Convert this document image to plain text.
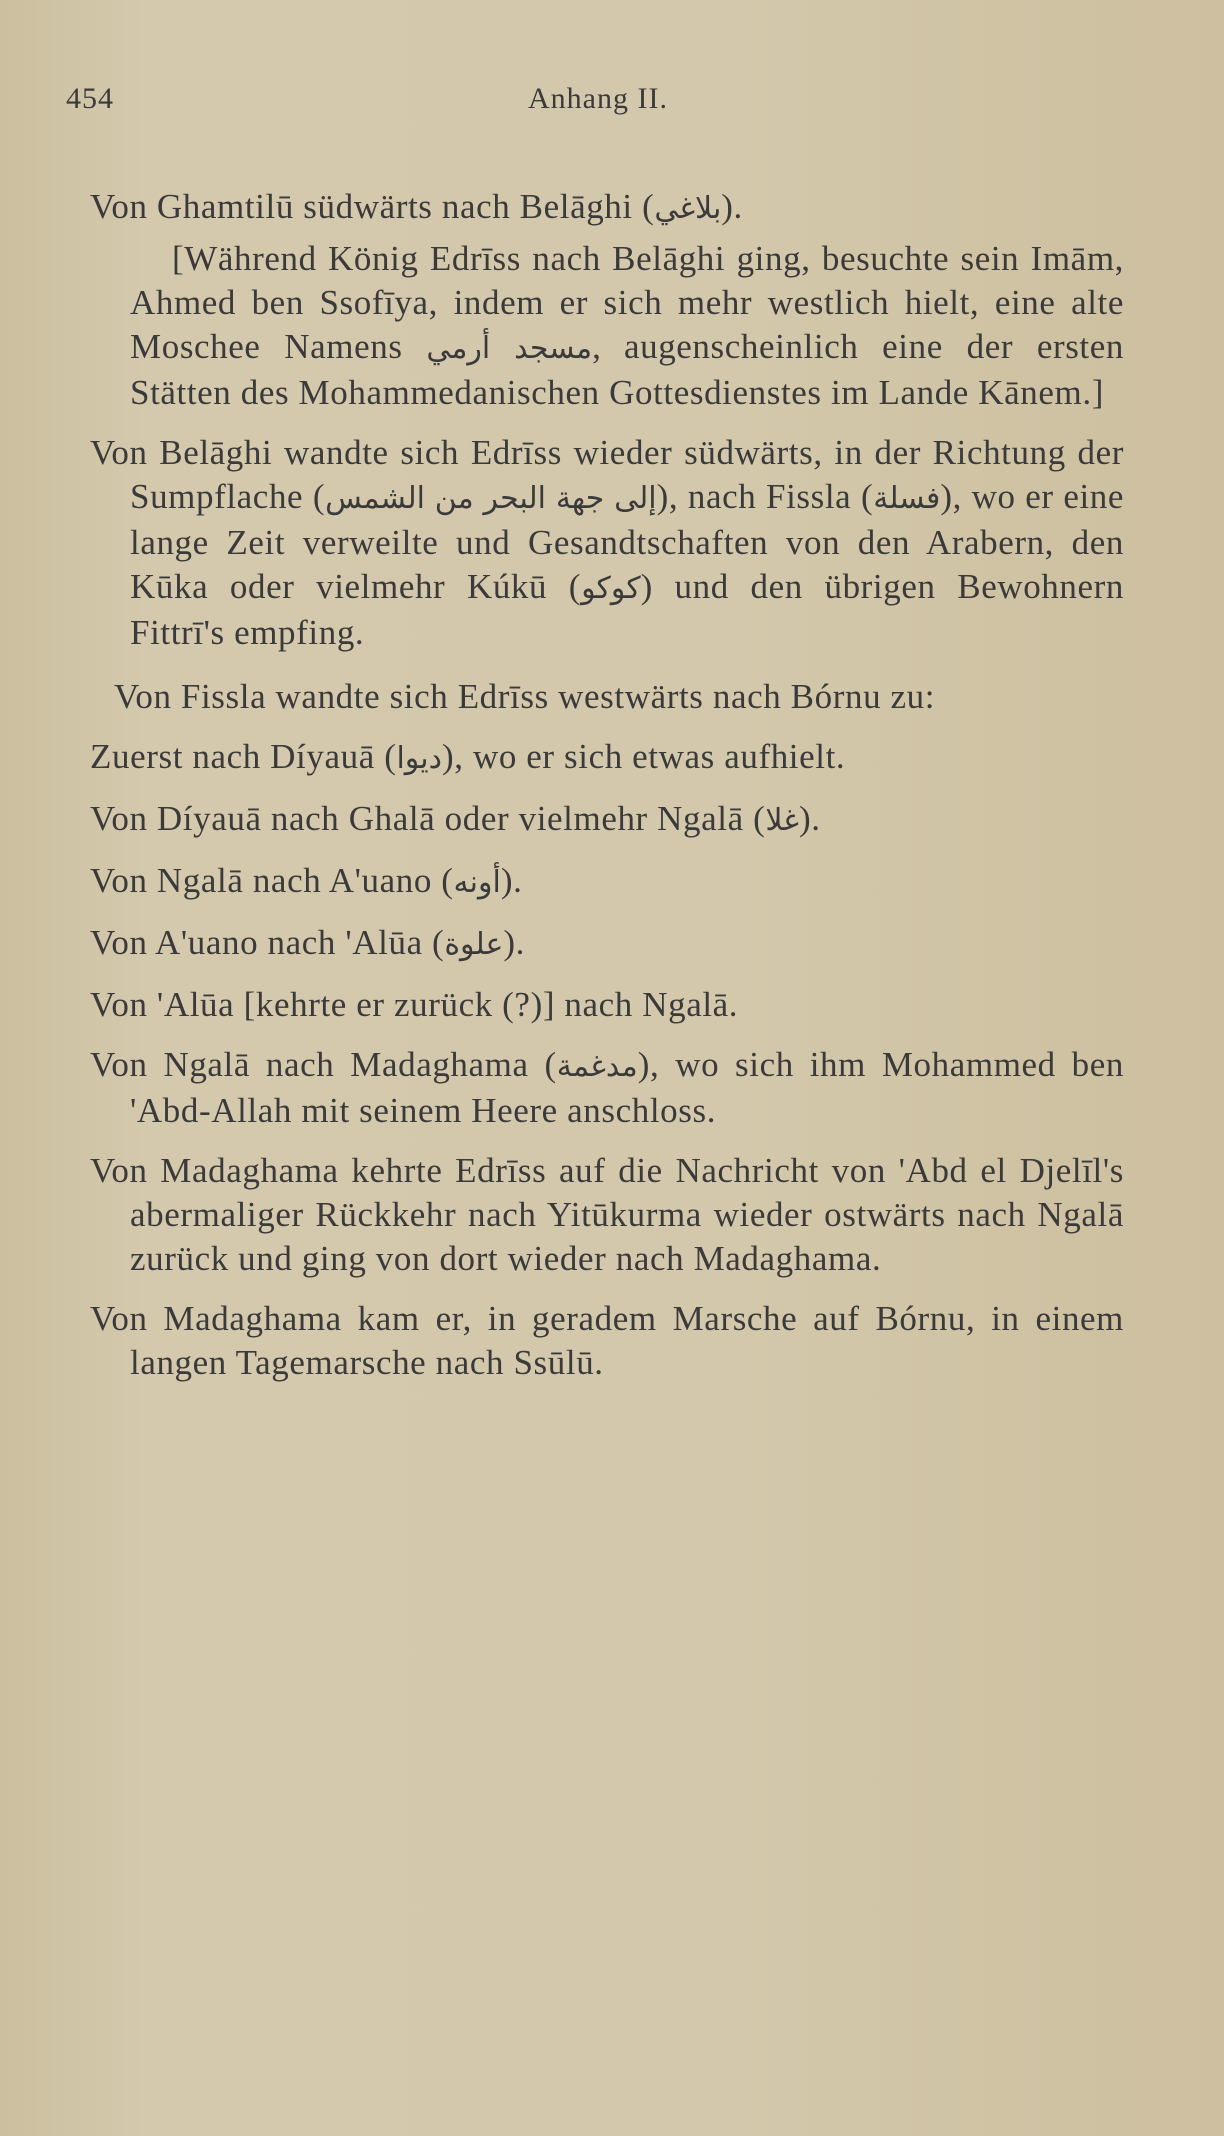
454	Anhang II.

Von Ghamtilū südwärts nach Belāghi (بلاغي).

[Während König Edrīss nach Belāghi ging, besuchte sein Imām, Ahmed ben Ssofīya, indem er sich mehr westlich hielt, eine alte Moschee Namens مسجد أرمي, augenscheinlich eine der ersten Stätten des Mohammedanischen Gottesdienstes im Lande Kānem.]

Von Belāghi wandte sich Edrīss wieder südwärts, in der Richtung der Sumpflache (إلى جهة البحر من الشمس), nach Fissla (فسلة), wo er eine lange Zeit verweilte und Gesandtschaften von den Arabern, den Kūka oder vielmehr Kúkū (كوكو) und den übrigen Bewohnern Fittrī's empfing.

Von Fissla wandte sich Edrīss westwärts nach Bórnu zu:

Zuerst nach Díyauā (ديوا), wo er sich etwas aufhielt.

Von Díyauā nach Ghalā oder vielmehr Ngalā (غلا).

Von Ngalā nach A'uano (أونه).

Von A'uano nach 'Alūa (علوة).

Von 'Alūa [kehrte er zurück (?)] nach Ngalā.

Von Ngalā nach Madaghama (مدغمة), wo sich ihm Mohammed ben 'Abd-Allah mit seinem Heere anschloss.

Von Madaghama kehrte Edrīss auf die Nachricht von 'Abd el Djelīl's abermaliger Rückkehr nach Yitūkurma wieder ostwärts nach Ngalā zurück und ging von dort wieder nach Madaghama.

Von Madaghama kam er, in geradem Marsche auf Bórnu, in einem langen Tagemarsche nach Ssūlū.
